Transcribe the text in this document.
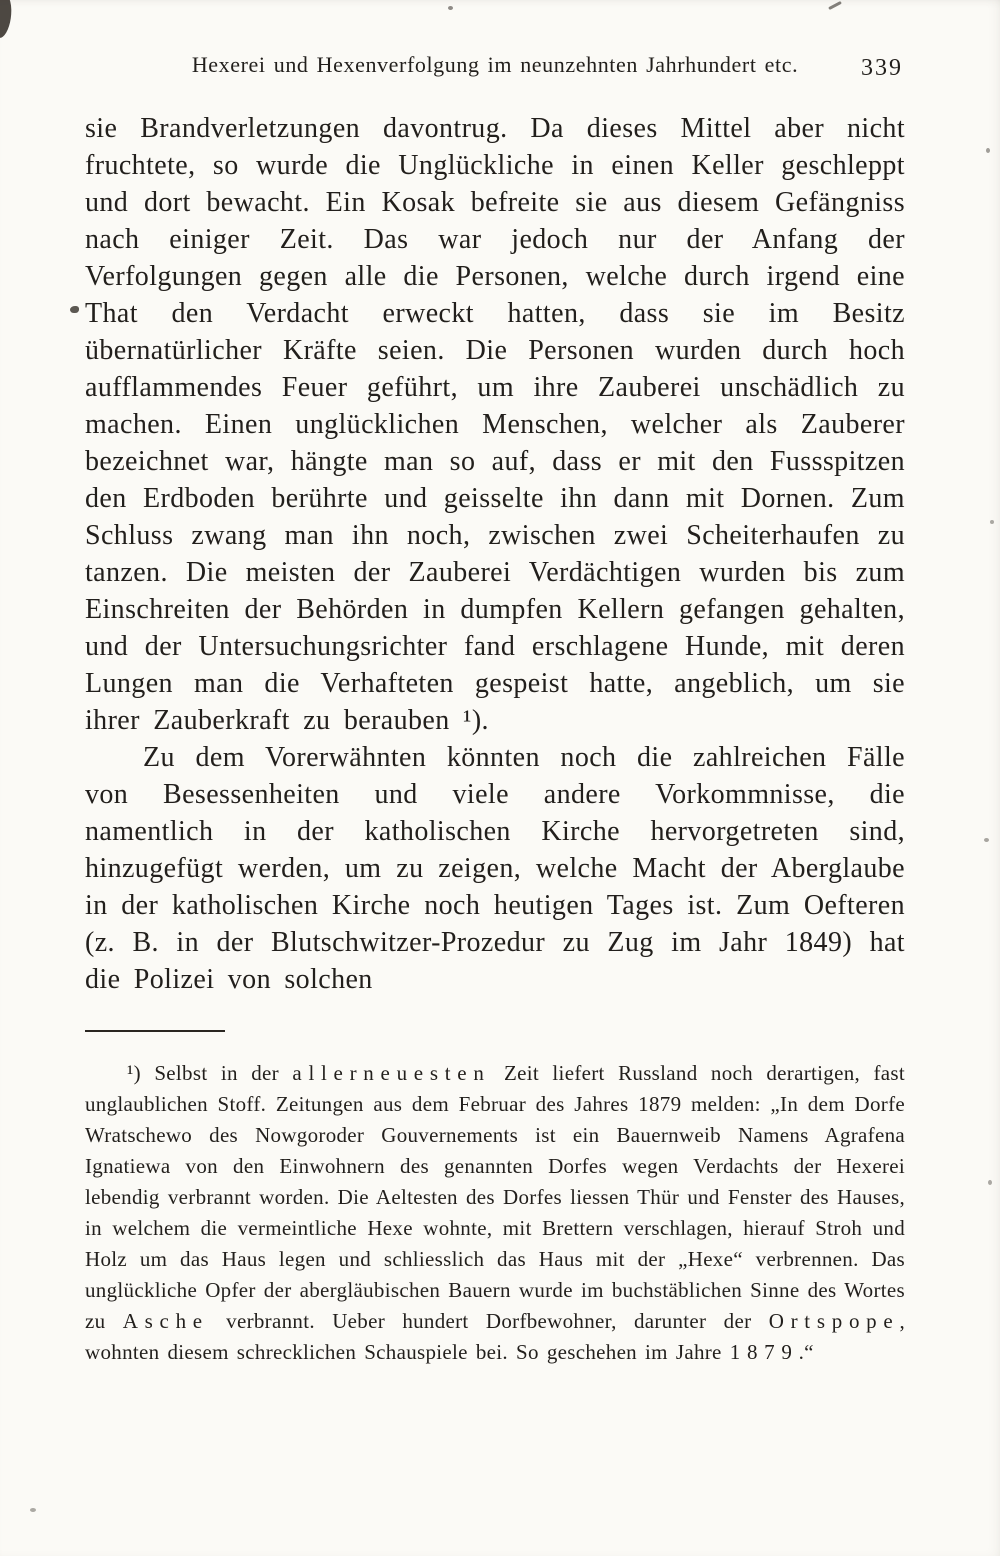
Hexerei und Hexenverfolgung im neunzehnten Jahrhundert etc.	339

sie Brandverletzungen davontrug. Da dieses Mittel aber nicht fruchtete, so wurde die Unglückliche in einen Keller geschleppt und dort bewacht. Ein Kosak befreite sie aus diesem Gefängniss nach einiger Zeit. Das war jedoch nur der Anfang der Verfolgungen gegen alle die Personen, welche durch irgend eine That den Verdacht erweckt hatten, dass sie im Besitz übernatürlicher Kräfte seien. Die Personen wurden durch hoch aufflammendes Feuer geführt, um ihre Zauberei unschädlich zu machen. Einen unglücklichen Menschen, welcher als Zauberer bezeichnet war, hängte man so auf, dass er mit den Fussspitzen den Erdboden berührte und geisselte ihn dann mit Dornen. Zum Schluss zwang man ihn noch, zwischen zwei Scheiterhaufen zu tanzen. Die meisten der Zauberei Verdächtigen wurden bis zum Einschreiten der Behörden in dumpfen Kellern gefangen gehalten, und der Untersuchungsrichter fand erschlagene Hunde, mit deren Lungen man die Verhafteten gespeist hatte, angeblich, um sie ihrer Zauberkraft zu berauben ¹).

Zu dem Vorerwähnten könnten noch die zahlreichen Fälle von Besessenheiten und viele andere Vorkommnisse, die namentlich in der katholischen Kirche hervorgetreten sind, hinzugefügt werden, um zu zeigen, welche Macht der Aberglaube in der katholischen Kirche noch heutigen Tages ist. Zum Oefteren (z. B. in der Blutschwitzer-Prozedur zu Zug im Jahr 1849) hat die Polizei von solchen

¹) Selbst in der allerneuesten Zeit liefert Russland noch derartigen, fast unglaublichen Stoff. Zeitungen aus dem Februar des Jahres 1879 melden: „In dem Dorfe Wratschewo des Nowgoroder Gouvernements ist ein Bauernweib Namens Agrafena Ignatiewa von den Einwohnern des genannten Dorfes wegen Verdachts der Hexerei lebendig verbrannt worden. Die Aeltesten des Dorfes liessen Thür und Fenster des Hauses, in welchem die vermeintliche Hexe wohnte, mit Brettern verschlagen, hierauf Stroh und Holz um das Haus legen und schliesslich das Haus mit der „Hexe“ verbrennen. Das unglückliche Opfer der abergläubischen Bauern wurde im buchstäblichen Sinne des Wortes zu Asche verbrannt. Ueber hundert Dorfbewohner, darunter der Ortspope, wohnten diesem schrecklichen Schauspiele bei. So geschehen im Jahre 1879.“
